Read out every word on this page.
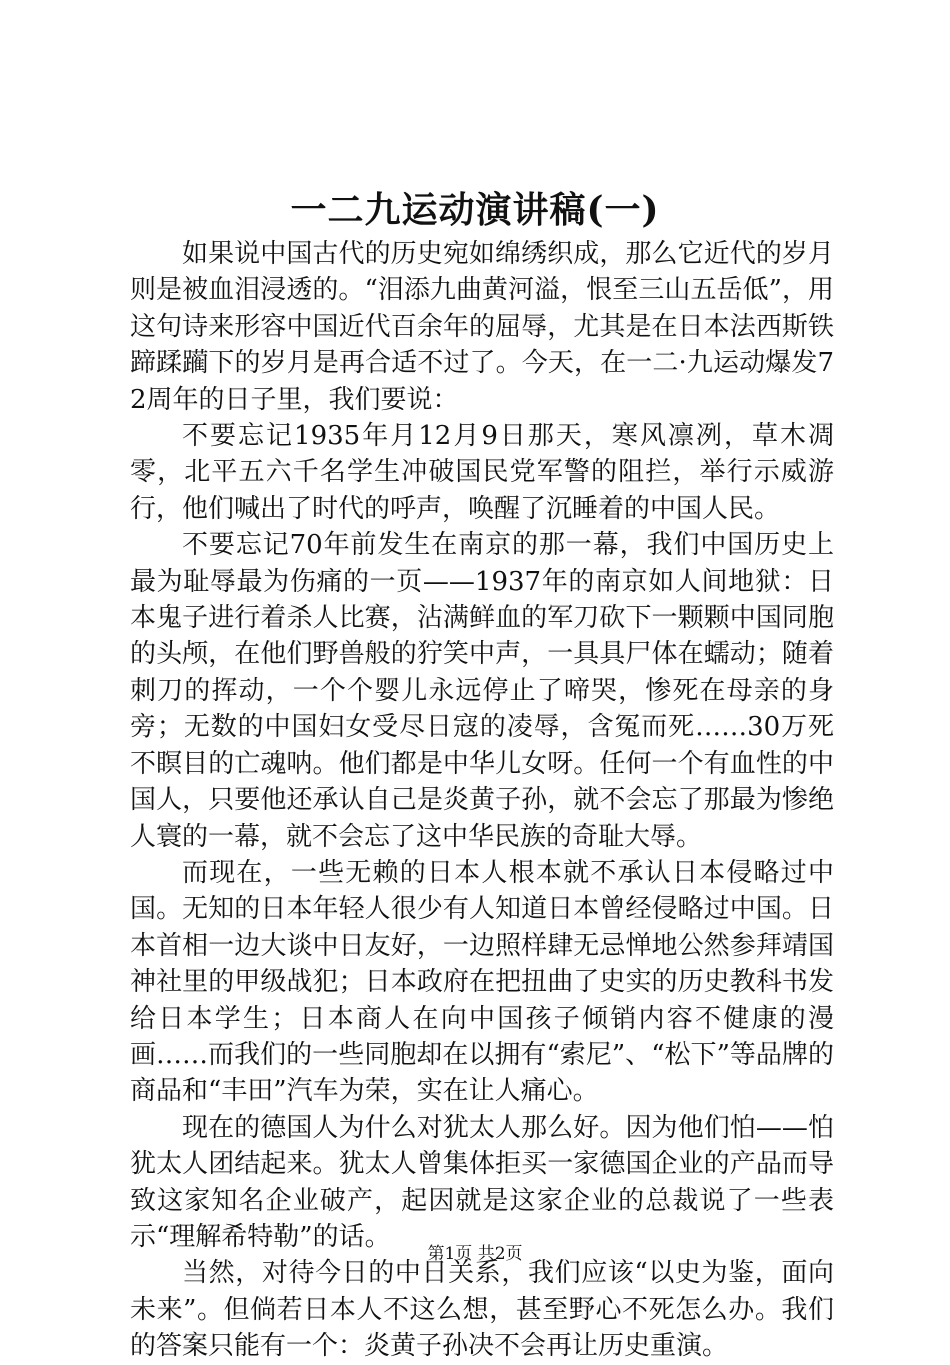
一二九运动演讲稿(一)

如果说中国古代的历史宛如绵绣织成，那么它近代的岁月则是被血泪浸透的。“泪添九曲黄河溢，恨至三山五岳低”，用这句诗来形容中国近代百余年的屈辱，尤其是在日本法西斯铁蹄蹂躏下的岁月是再合适不过了。今天，在一二·九运动爆发72周年的日子里，我们要说：

不要忘记1935年月12月9日那天，寒风凛冽，草木凋零，北平五六千名学生冲破国民党军警的阻拦，举行示威游行，他们喊出了时代的呼声，唤醒了沉睡着的中国人民。

不要忘记70年前发生在南京的那一幕，我们中国历史上最为耻辱最为伤痛的一页——1937年的南京如人间地狱：日本鬼子进行着杀人比赛，沾满鲜血的军刀砍下一颗颗中国同胞的头颅，在他们野兽般的狞笑中声，一具具尸体在蠕动；随着刺刀的挥动，一个个婴儿永远停止了啼哭，惨死在母亲的身旁；无数的中国妇女受尽日寇的凌辱，含冤而死……30万死不瞑目的亡魂呐。他们都是中华儿女呀。任何一个有血性的中国人，只要他还承认自己是炎黄子孙，就不会忘了那最为惨绝人寰的一幕，就不会忘了这中华民族的奇耻大辱。

而现在，一些无赖的日本人根本就不承认日本侵略过中国。无知的日本年轻人很少有人知道日本曾经侵略过中国。日本首相一边大谈中日友好，一边照样肆无忌惮地公然参拜靖国神社里的甲级战犯；日本政府在把扭曲了史实的历史教科书发给日本学生；日本商人在向中国孩子倾销内容不健康的漫画……而我们的一些同胞却在以拥有“索尼”、“松下”等品牌的商品和“丰田”汽车为荣，实在让人痛心。

现在的德国人为什么对犹太人那么好。因为他们怕——怕犹太人团结起来。犹太人曾集体拒买一家德国企业的产品而导致这家知名企业破产，起因就是这家企业的总裁说了一些表示“理解希特勒”的话。

当然，对待今日的中日关系，我们应该“以史为鉴，面向未来”。但倘若日本人不这么想，甚至野心不死怎么办。我们的答案只能有一个：炎黄子孙决不会再让历史重演。

第1页 共2页
